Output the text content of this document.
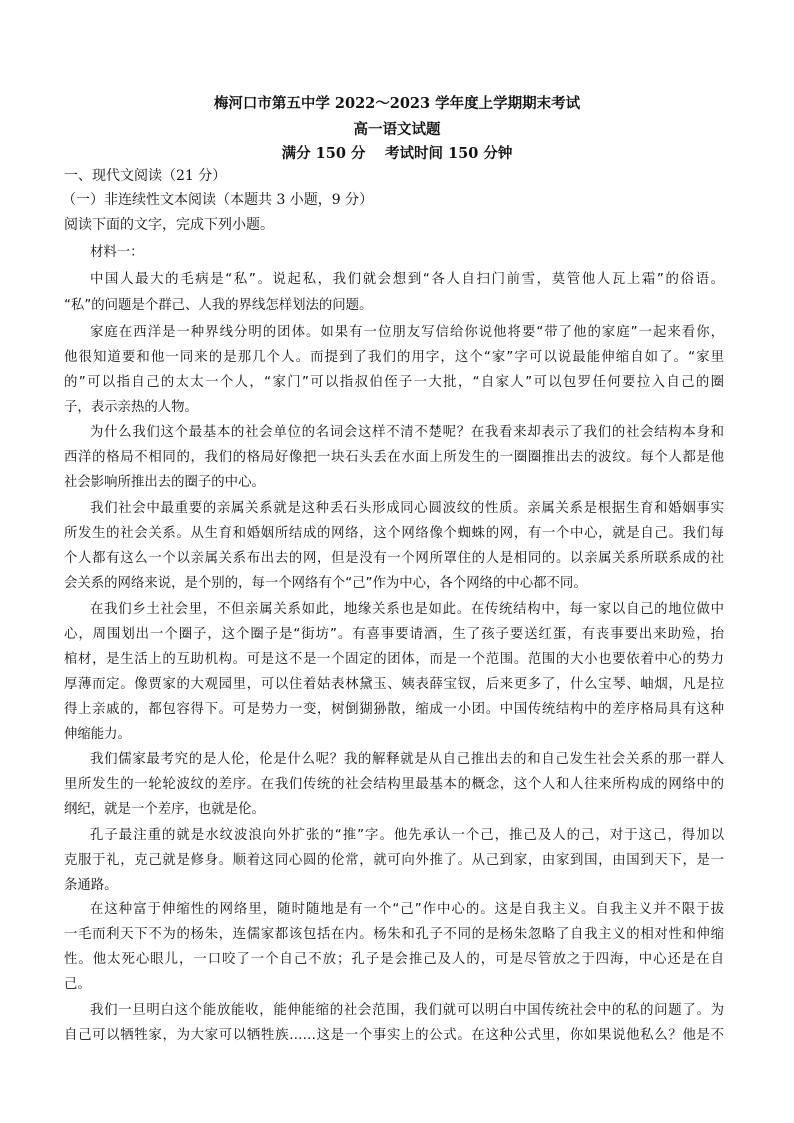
梅河口市第五中学 2022～2023 学年度上学期期末考试
高一语文试题
满分 150 分　 考试时间 150 分钟
一、现代文阅读（21 分）
（一）非连续性文本阅读（本题共 3 小题，9 分）
阅读下面的文字，完成下列小题。
材料一：
中国人最大的毛病是“私”。说起私，我们就会想到“各人自扫门前雪，莫管他人瓦上霜”的俗语。
“私”的问题是个群己、人我的界线怎样划法的问题。
家庭在西洋是一种界线分明的团体。如果有一位朋友写信给你说他将要“带了他的家庭”一起来看你，
他很知道要和他一同来的是那几个人。而提到了我们的用字，这个“家”字可以说最能伸缩自如了。“家里
的”可以指自己的太太一个人，“家门”可以指叔伯侄子一大批，“自家人”可以包罗任何要拉入自己的圈
子，表示亲热的人物。
为什么我们这个最基本的社会单位的名词会这样不清不楚呢？在我看来却表示了我们的社会结构本身和
西洋的格局不相同的，我们的格局好像把一块石头丢在水面上所发生的一圈圈推出去的波纹。每个人都是他
社会影响所推出去的圈子的中心。
我们社会中最重要的亲属关系就是这种丢石头形成同心圆波纹的性质。亲属关系是根据生育和婚姻事实
所发生的社会关系。从生育和婚姻所结成的网络，这个网络像个蜘蛛的网，有一个中心，就是自己。我们每
个人都有这么一个以亲属关系布出去的网，但是没有一个网所罩住的人是相同的。以亲属关系所联系成的社
会关系的网络来说，是个别的，每一个网络有个“己”作为中心，各个网络的中心都不同。
在我们乡土社会里，不但亲属关系如此，地缘关系也是如此。在传统结构中，每一家以自己的地位做中
心，周围划出一个圈子，这个圈子是“街坊”。有喜事要请酒，生了孩子要送红蛋，有丧事要出来助殓，抬
棺材，是生活上的互助机构。可是这不是一个固定的团体，而是一个范围。范围的大小也要依着中心的势力
厚薄而定。像贾家的大观园里，可以住着姑表林黛玉、姨表薛宝钗，后来更多了，什么宝琴、岫烟，凡是拉
得上亲戚的，都包容得下。可是势力一变，树倒猢狲散，缩成一小团。中国传统结构中的差序格局具有这种
伸缩能力。
我们儒家最考究的是人伦，伦是什么呢？我的解释就是从自己推出去的和自己发生社会关系的那一群人
里所发生的一轮轮波纹的差序。在我们传统的社会结构里最基本的概念，这个人和人往来所构成的网络中的
纲纪，就是一个差序，也就是伦。
孔子最注重的就是水纹波浪向外扩张的“推”字。他先承认一个己，推己及人的己，对于这己，得加以
克服于礼，克己就是修身。顺着这同心圆的伦常，就可向外推了。从己到家，由家到国，由国到天下，是一
条通路。
在这种富于伸缩性的网络里，随时随地是有一个“己”作中心的。这是自我主义。自我主义并不限于拔
一毛而利天下不为的杨朱，连儒家都该包括在内。杨朱和孔子不同的是杨朱忽略了自我主义的相对性和伸缩
性。他太死心眼儿，一口咬了一个自己不放；孔子是会推己及人的，可是尽管放之于四海，中心还是在自
己。
我们一旦明白这个能放能收，能伸能缩的社会范围，我们就可以明白中国传统社会中的私的问题了。为
自己可以牺牲家，为大家可以牺牲族……这是一个事实上的公式。在这种公式里，你如果说他私么？他是不
